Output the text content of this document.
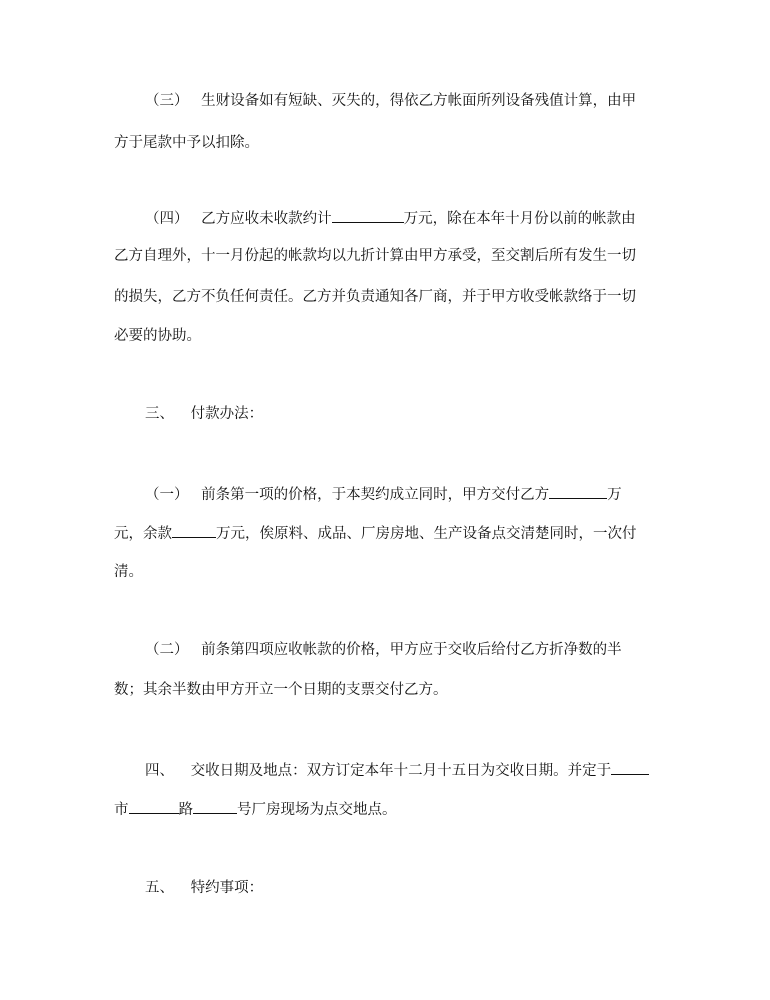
（三） 生财设备如有短缺、灭失的，得依乙方帐面所列设备残值计算，由甲
方于尾款中予以扣除。
（四） 乙方应收未收款约计	万元，除在本年十月份以前的帐款由
乙方自理外，十一月份起的帐款均以九折计算由甲方承受，至交割后所有发生一切
的损失，乙方不负任何责任。乙方并负责通知各厂商，并于甲方收受帐款络于一切
必要的协助。
三、 付款办法：
（一） 前条第一项的价格，于本契约成立同时，甲方交付乙方	万
元，余款	万元，俟原料、成品、厂房房地、生产设备点交清楚同时，一次付
清。
（二） 前条第四项应收帐款的价格，甲方应于交收后给付乙方折净数的半
数；其余半数由甲方开立一个日期的支票交付乙方。
四、 交收日期及地点：双方订定本年十二月十五日为交收日期。并定于
市	路	号厂房现场为点交地点。
五、 特约事项：
